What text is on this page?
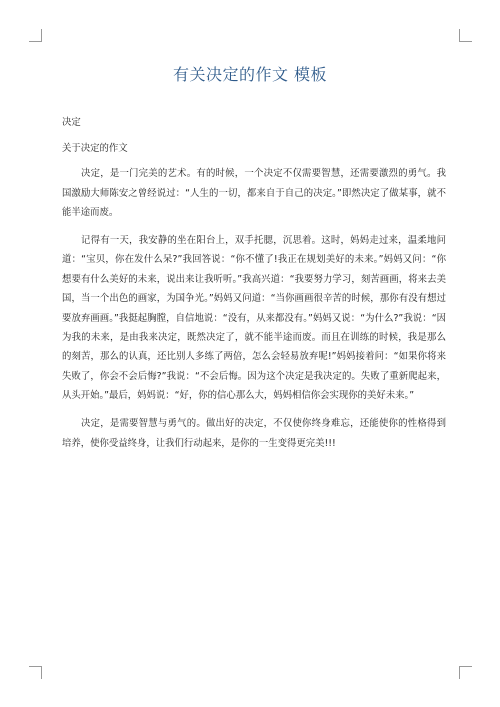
有关决定的作文 模板

决定

关于决定的作文

决定，是一门完美的艺术。有的时候，一个决定不仅需要智慧，还需要激烈的勇气。我国激励大师陈安之曾经说过：“人生的一切，都来自于自己的决定。”即然决定了做某事，就不能半途而废。

记得有一天，我安静的坐在阳台上，双手托腮，沉思着。这时，妈妈走过来，温柔地问道：“宝贝，你在发什么呆?”我回答说：“你不懂了!我正在规划美好的未来。”妈妈又问：“你想要有什么美好的未来，说出来让我听听。”我高兴道：“我要努力学习，刻苦画画，将来去美国，当一个出色的画家，为国争光。”妈妈又问道：“当你画画很辛苦的时候，那你有没有想过要放弃画画。”我挺起胸膛，自信地说：“没有，从来都没有。”妈妈又说：“为什么?”我说：“因为我的未来，是由我来决定，既然决定了，就不能半途而废。而且在训练的时候，我是那么的刻苦，那么的认真，还比别人多练了两倍，怎么会轻易放弃呢!”妈妈接着问：“如果你将来失败了，你会不会后悔?”我说：“不会后悔。因为这个决定是我决定的。失败了重新爬起来，从头开始。”最后，妈妈说：“好，你的信心那么大，妈妈相信你会实现你的美好未来。”

决定，是需要智慧与勇气的。做出好的决定，不仅使你终身难忘，还能使你的性格得到培养，使你受益终身，让我们行动起来，是你的一生变得更完美!!!
